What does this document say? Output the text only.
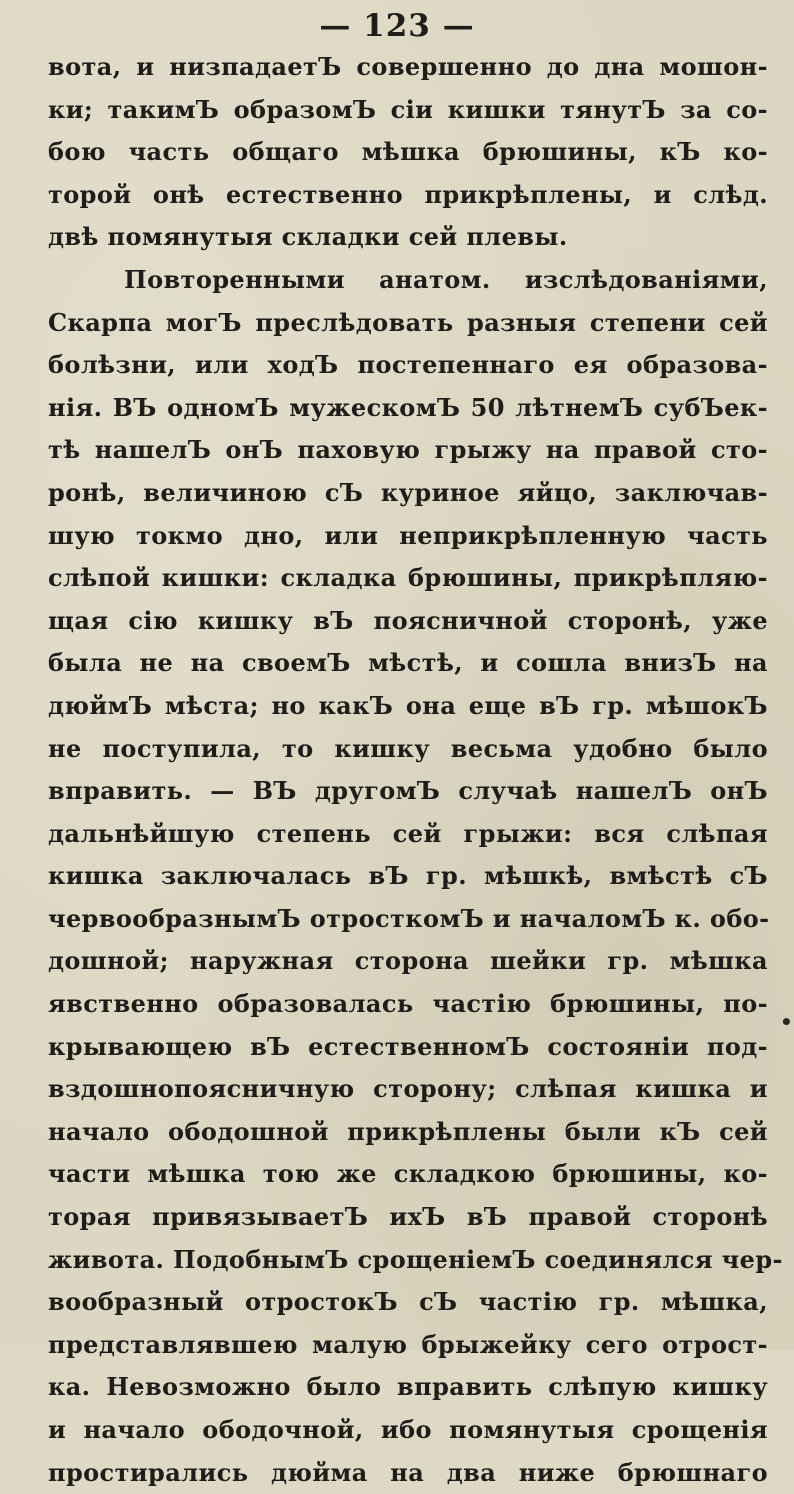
— 123 —
вота, и низпадаетЪ совершенно до дна мошон-
ки; такимЪ образомЪ сiи кишки тянутЪ за со-
бою часть общаго мѣшка брюшины, кЪ ко-
торой онѣ естественно прикрѣплены, и слѣд.
двѣ помянутыя складки сей плевы.
Повторенными анатом. изслѣдованiями,
Скарпа могЪ преслѣдовать разныя степени сей
болѣзни, или ходЪ постепеннаго ея образова-
нiя. ВЪ одномЪ мужескомЪ 50 лѣтнемЪ субЪек-
тѣ нашелЪ онЪ паховую грыжу на правой сто-
ронѣ, величиною сЪ куриное яйцо, заключав-
шую токмо дно, или неприкрѣпленную часть
слѣпой кишки: складка брюшины, прикрѣпляю-
щая сiю кишку вЪ поясничной сторонѣ, уже
была не на своемЪ мѣстѣ, и сошла внизЪ на
дюймЪ мѣста; но какЪ она еще вЪ гр. мѣшокЪ
не поступила, то кишку весьма удобно было
вправить. — ВЪ другомЪ случаѣ нашелЪ онЪ
дальнѣйшую степень сей грыжи: вся слѣпая
кишка заключалась вЪ гр. мѣшкѣ, вмѣстѣ сЪ
червообразнымЪ отросткомЪ и началомЪ к. обо-
дошной; наружная сторона шейки гр. мѣшка
явственно образовалась частiю брюшины, по-
крывающею вЪ естественномЪ состоянiи под-
вздошнопоясничную сторону; слѣпая кишка и
начало ободошной прикрѣплены были кЪ сей
части мѣшка тою же складкою брюшины, ко-
торая привязываетЪ ихЪ вЪ правой сторонѣ
живота. ПодобнымЪ срощенiемЪ соединялся чер-
вообразный отростокЪ сЪ частiю гр. мѣшка,
представлявшею малую брыжейку сего отрост-
ка. Невозможно было вправить слѣпую кишку
и начало ободочной, ибо помянутыя срощенiя
простирались дюйма на два ниже брюшнаго
•
